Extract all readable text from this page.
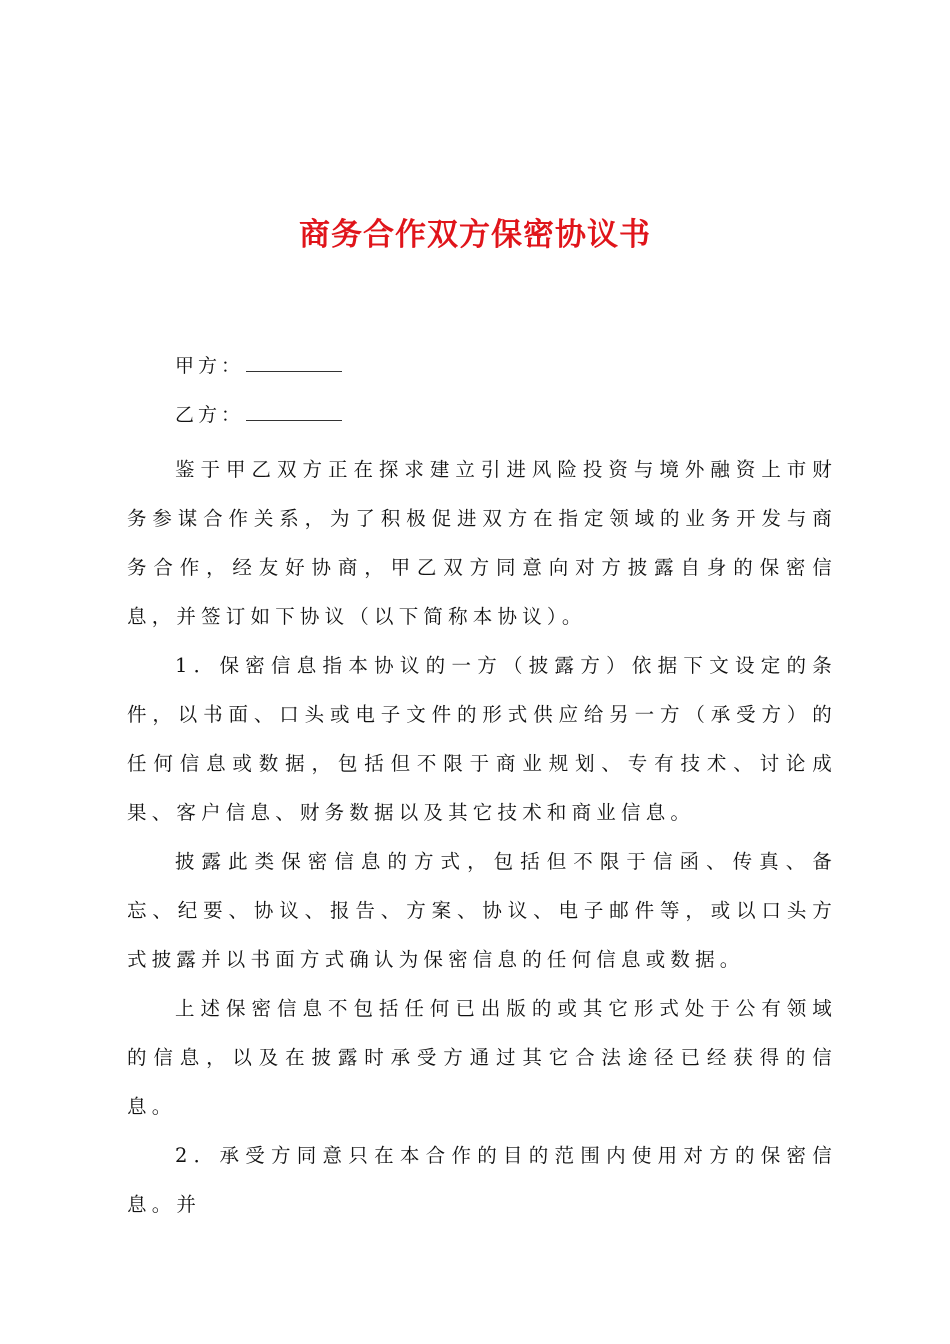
商务合作双方保密协议书
甲方：
乙方：

鉴于甲乙双方正在探求建立引进风险投资与境外融资上市财务参谋合作关系，为了积极促进双方在指定领域的业务开发与商务合作，经友好协商，甲乙双方同意向对方披露自身的保密信息，并签订如下协议（以下简称本协议）。

1．保密信息指本协议的一方（披露方）依据下文设定的条件，以书面、口头或电子文件的形式供应给另一方（承受方）的任何信息或数据，包括但不限于商业规划、专有技术、讨论成果、客户信息、财务数据以及其它技术和商业信息。

披露此类保密信息的方式，包括但不限于信函、传真、备忘、纪要、协议、报告、方案、协议、电子邮件等，或以口头方式披露并以书面方式确认为保密信息的任何信息或数据。

上述保密信息不包括任何已出版的或其它形式处于公有领域的信息，以及在披露时承受方通过其它合法途径已经获得的信息。

2．承受方同意只在本合作的目的范围内使用对方的保密信息。并
